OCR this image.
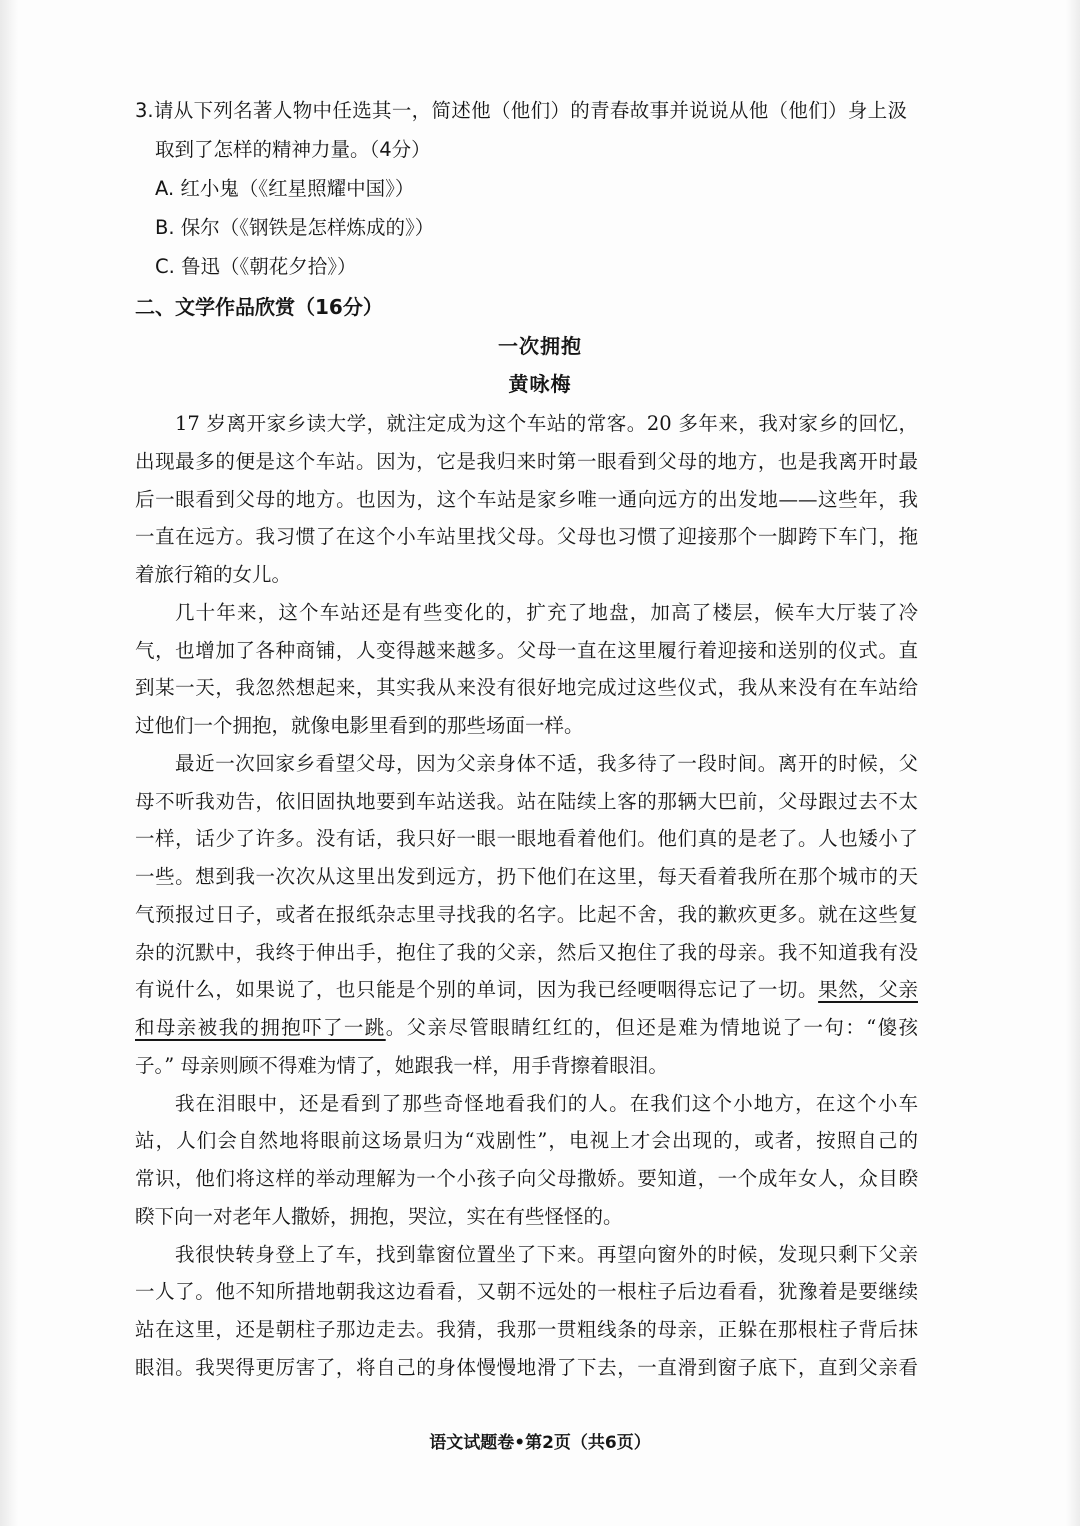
3.请从下列名著人物中任选其一，简述他（他们）的青春故事并说说从他（他们）身上汲
取到了怎样的精神力量。（4分）
A. 红小鬼（《红星照耀中国》）
B. 保尔（《钢铁是怎样炼成的》）
C. 鲁迅（《朝花夕拾》）
二、文学作品欣赏（16分）
一次拥抱
黄咏梅
17 岁离开家乡读大学，就注定成为这个车站的常客。20 多年来，我对家乡的回忆，
出现最多的便是这个车站。因为，它是我归来时第一眼看到父母的地方，也是我离开时最
后一眼看到父母的地方。也因为，这个车站是家乡唯一通向远方的出发地——这些年，我
一直在远方。我习惯了在这个小车站里找父母。父母也习惯了迎接那个一脚跨下车门，拖
着旅行箱的女儿。
几十年来，这个车站还是有些变化的，扩充了地盘，加高了楼层，候车大厅装了冷
气，也增加了各种商铺，人变得越来越多。父母一直在这里履行着迎接和送别的仪式。直
到某一天，我忽然想起来，其实我从来没有很好地完成过这些仪式，我从来没有在车站给
过他们一个拥抱，就像电影里看到的那些场面一样。
最近一次回家乡看望父母，因为父亲身体不适，我多待了一段时间。离开的时候，父
母不听我劝告，依旧固执地要到车站送我。站在陆续上客的那辆大巴前，父母跟过去不太
一样，话少了许多。没有话，我只好一眼一眼地看着他们。他们真的是老了。人也矮小了
一些。想到我一次次从这里出发到远方，扔下他们在这里，每天看着我所在那个城市的天
气预报过日子，或者在报纸杂志里寻找我的名字。比起不舍，我的歉疚更多。就在这些复
杂的沉默中，我终于伸出手，抱住了我的父亲，然后又抱住了我的母亲。我不知道我有没
有说什么，如果说了，也只能是个别的单词，因为我已经哽咽得忘记了一切。果然，父亲
和母亲被我的拥抱吓了一跳。父亲尽管眼睛红红的，但还是难为情地说了一句：“傻孩
子。” 母亲则顾不得难为情了，她跟我一样，用手背擦着眼泪。
我在泪眼中，还是看到了那些奇怪地看我们的人。在我们这个小地方，在这个小车
站，人们会自然地将眼前这场景归为“戏剧性”，电视上才会出现的，或者，按照自己的
常识，他们将这样的举动理解为一个小孩子向父母撒娇。要知道，一个成年女人，众目睽
睽下向一对老年人撒娇，拥抱，哭泣，实在有些怪怪的。
我很快转身登上了车，找到靠窗位置坐了下来。再望向窗外的时候，发现只剩下父亲
一人了。他不知所措地朝我这边看看，又朝不远处的一根柱子后边看看，犹豫着是要继续
站在这里，还是朝柱子那边走去。我猜，我那一贯粗线条的母亲，正躲在那根柱子背后抹
眼泪。我哭得更厉害了，将自己的身体慢慢地滑了下去，一直滑到窗子底下，直到父亲看
语文试题卷•第2页（共6页）
